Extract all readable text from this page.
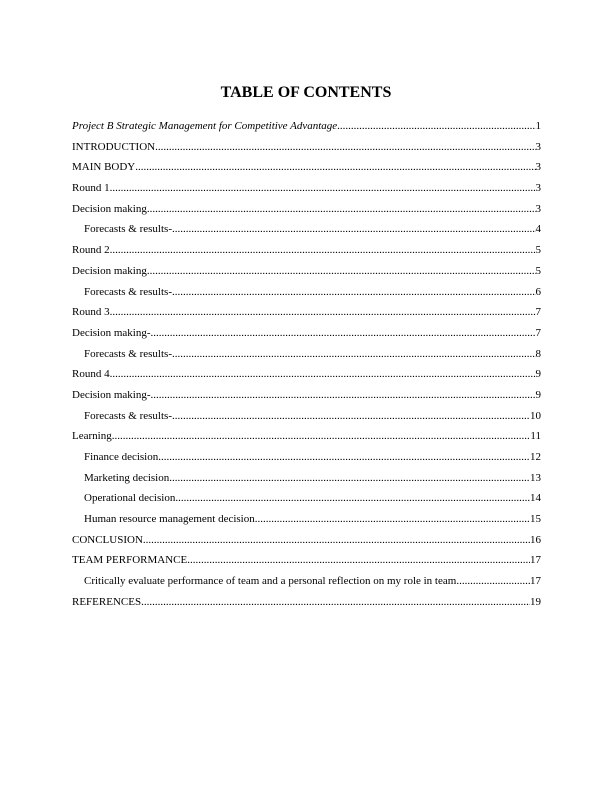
TABLE OF CONTENTS
Project B Strategic Management for Competitive Advantage .....	1
INTRODUCTION .....	3
MAIN BODY .....	3
Round 1 .....	3
Decision making .....	3
Forecasts & results- .....	4
Round 2 .....	5
Decision making .....	5
Forecasts & results- .....	6
Round 3 .....	7
Decision making- .....	7
Forecasts & results- .....	8
Round 4 .....	9
Decision making- .....	9
Forecasts & results- .....	10
Learning .....	11
Finance decision .....	12
Marketing decision .....	13
Operational decision .....	14
Human resource management decision .....	15
CONCLUSION .....	16
TEAM PERFORMANCE .....	17
Critically evaluate performance of team and a personal reflection on my role in team .....	17
REFERENCES .....	19
